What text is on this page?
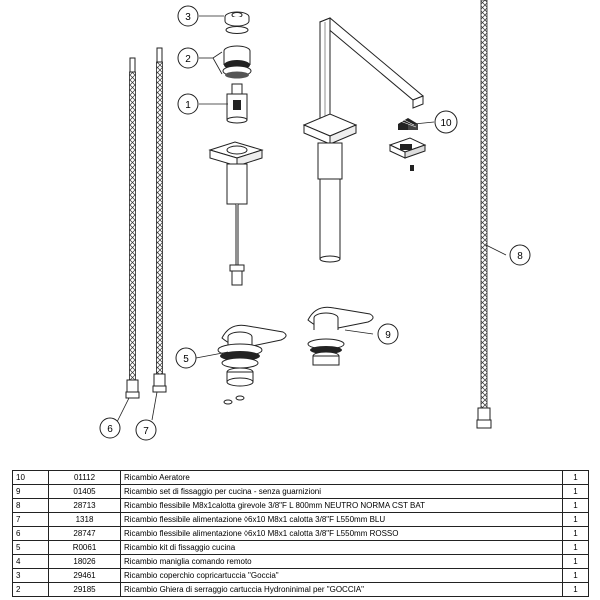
3
2
1
5
6	7
9
8
10
10	01112	Ricambio Aeratore	1
9	01405	Ricambio set di fissaggio per cucina - senza guarnizioni	1
8	28713	Ricambio flessibile M8x1calotta girevole 3/8"F L 800mm NEUTRO NORMA CST BAT	1
7	1318	Ricambio flessibile alimentazione ◊6x10 M8x1 calotta 3/8"F L550mm BLU	1
6	28747	Ricambio flessibile alimentazione ◊6x10 M8x1 calotta 3/8"F L550mm ROSSO	1
5	R0061	Ricambio kit di fissaggio cucina	1
4	18026	Ricambio maniglia comando remoto	1
3	29461	Ricambio coperchio copricartuccia "Goccia"	1
2	29185	Ricambio Ghiera di serraggio cartuccia Hydroninimal per "GOCCIA"	1
